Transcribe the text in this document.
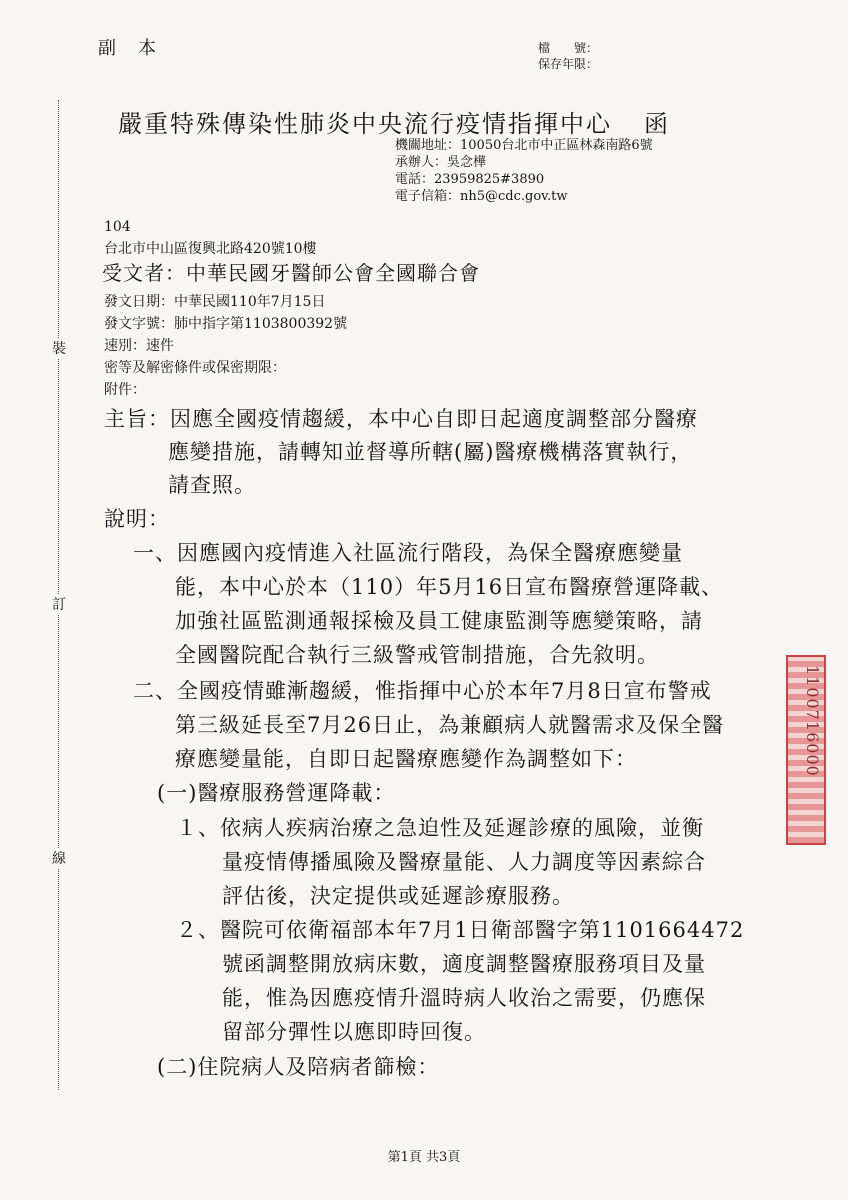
副本	檔　　號：
保存年限：
裝
訂
線
嚴重特殊傳染性肺炎中央流行疫情指揮中心 函
機關地址：10050台北市中正區林森南路6號
承辦人：吳念樺
電話：23959825#3890
電子信箱：nh5@cdc.gov.tw
104
台北市中山區復興北路420號10樓
受文者：中華民國牙醫師公會全國聯合會
發文日期：中華民國110年7月15日
發文字號：肺中指字第1103800392號
速別：速件
密等及解密條件或保密期限：
附件：
主旨：因應全國疫情趨緩，本中心自即日起適度調整部分醫療
應變措施，請轉知並督導所轄(屬)醫療機構落實執行，
請查照。
說明：
一、因應國內疫情進入社區流行階段，為保全醫療應變量
能，本中心於本（110）年5月16日宣布醫療營運降載、
加強社區監測通報採檢及員工健康監測等應變策略，請
全國醫院配合執行三級警戒管制措施，合先敘明。
二、全國疫情雖漸趨緩，惟指揮中心於本年7月8日宣布警戒
第三級延長至7月26日止，為兼顧病人就醫需求及保全醫
療應變量能，自即日起醫療應變作為調整如下：
(一)醫療服務營運降載：
１、依病人疾病治療之急迫性及延遲診療的風險，並衡
量疫情傳播風險及醫療量能、人力調度等因素綜合
評估後，決定提供或延遲診療服務。
２、醫院可依衛福部本年7月1日衛部醫字第1101664472
號函調整開放病床數，適度調整醫療服務項目及量
能，惟為因應疫情升溫時病人收治之需要，仍應保
留部分彈性以應即時回復。
(二)住院病人及陪病者篩檢：
1100716000
第1頁 共3頁
